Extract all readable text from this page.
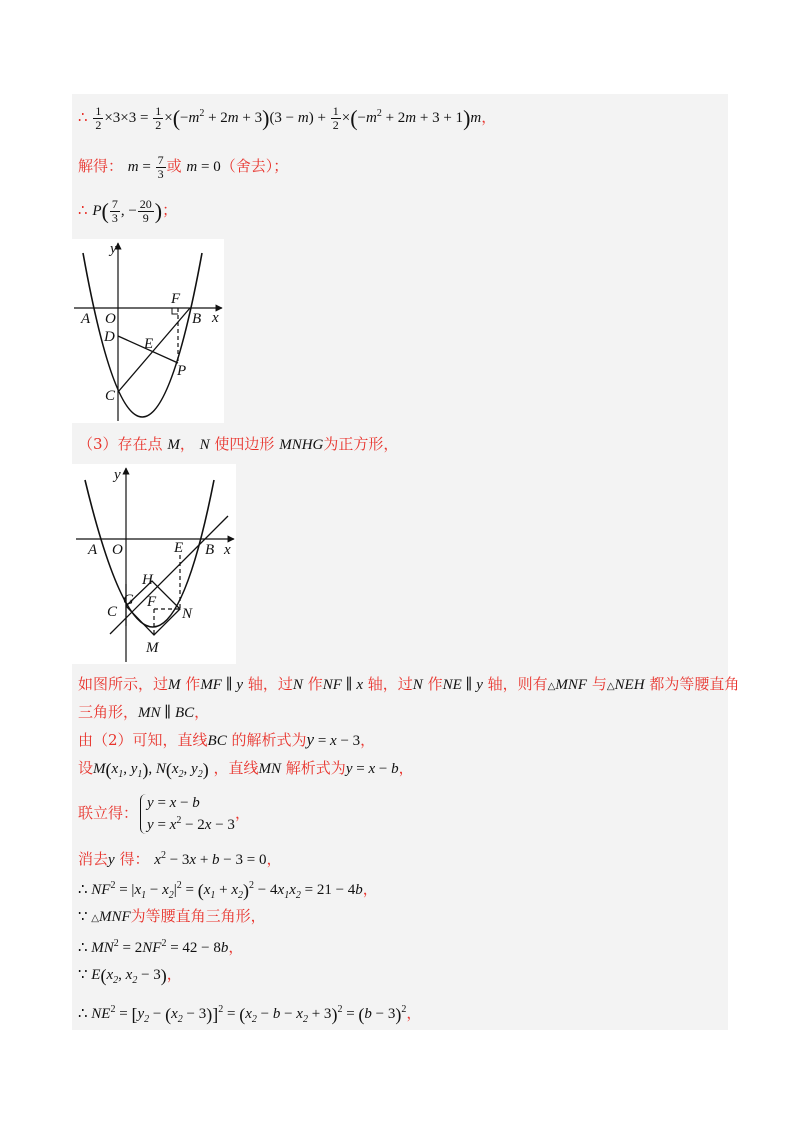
∴ $\frac{1}{2} \times 3\times 3 = \frac{1}{2} \times(-m^2 + 2m + 3)(3 - m) + \frac{1}{2} \times(-m^2 + 2m + 3 + 1)m$，
解得： $m = \frac{7}{3}$ 或 m = 0（舍去）；
∴ $P( \frac{7}{3}$ , − $\frac{20}{9}$ )；
y
x
A O
F
B
D E
P
C
（3）存在点 M， N 使四边形 MNHG为正方形，
y
x
A O	B
E
H
G F
C	N
M
如图所示，过M 作MF ∥ y 轴，过N 作NF ∥ x 轴，过N 作NE ∥ y 轴，则有△MNF 与△NEH 都为等腰直角
三角形，MN ∥ BC，
由（2）可知，直线BC 的解析式为y = x − 3，
设$M(x_1$, $y_1$), $N(x_2$, $y_2$) ，直线MN 解析式为y = x − b，
联立得：
y = x − b
$y = x^2 - 2x - 3$
，
消去y 得： $x^2 - 3x + b - 3 = 0$，
∴ $NF^2 = |x_1 - x_2|^2 = (x_1 + x_2)^2 - 4x_1x_2 = 21 - 4b$，
∵ △MNF为等腰直角三角形，
∴ $MN^2 = 2NF^2 = 42 - 8b$，
∵ $E(x_2$, $x_2 - 3$)，
∴ $NE^2 = [y_2 - (x_2 - 3)]^2 = (x_2 - b - x_2 + 3)^2 = (b - 3)^2$，
